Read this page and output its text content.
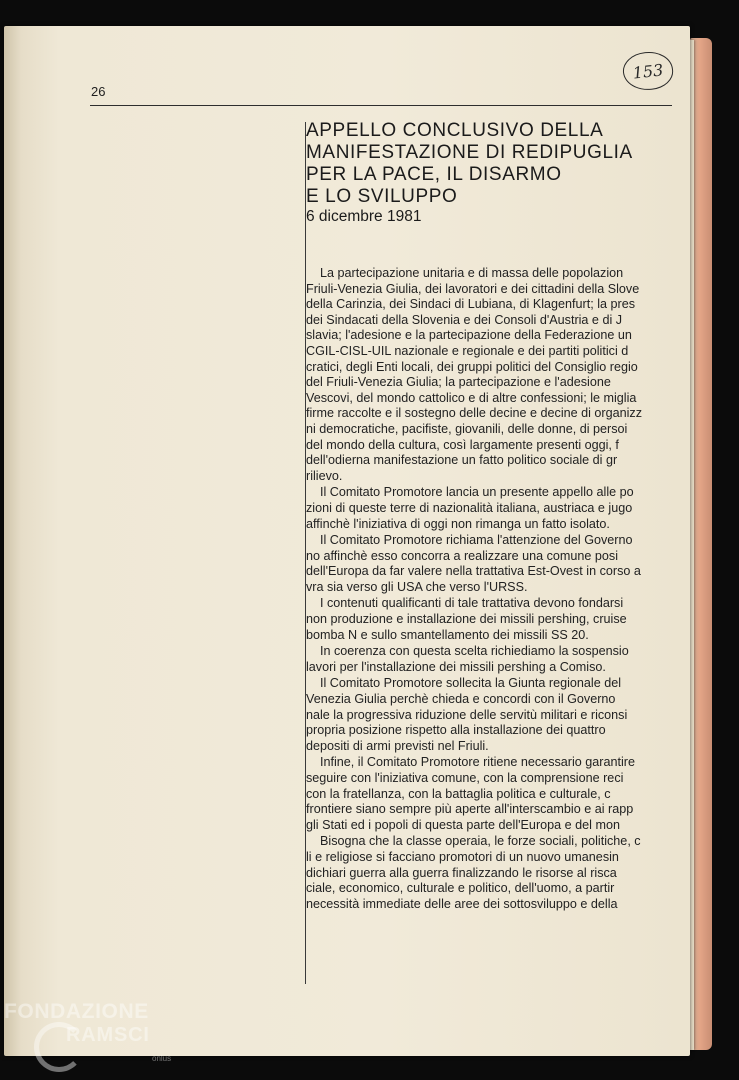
26
153
APPELLO CONCLUSIVO DELLA
MANIFESTAZIONE DI REDIPUGLIA
PER LA PACE, IL DISARMO
E LO SVILUPPO
6 dicembre 1981

La partecipazione unitaria e di massa delle popolazion
Friuli-Venezia Giulia, dei lavoratori e dei cittadini della Slove
della Carinzia, dei Sindaci di Lubiana, di Klagenfurt; la pres
dei Sindacati della Slovenia e dei Consoli d'Austria e di J
slavia; l'adesione e la partecipazione della Federazione un
CGIL-CISL-UIL nazionale e regionale e dei partiti politici d
cratici, degli Enti locali, dei gruppi politici del Consiglio regio
del Friuli-Venezia Giulia; la partecipazione e l'adesione
Vescovi, del mondo cattolico e di altre confessioni; le miglia
firme raccolte e il sostegno delle decine e decine di organizz
ni democratiche, pacifiste, giovanili, delle donne, di persoi
del mondo della cultura, così largamente presenti oggi, f
dell'odierna manifestazione un fatto politico sociale di gr
rilievo.

Il Comitato Promotore lancia un presente appello alle po
zioni di queste terre di nazionalità italiana, austriaca e jugo
affinchè l'iniziativa di oggi non rimanga un fatto isolato.

Il Comitato Promotore richiama l'attenzione del Governo
no affinchè esso concorra a realizzare una comune posi
dell'Europa da far valere nella trattativa Est-Ovest in corso a
vra sia verso gli USA che verso l'URSS.

I contenuti qualificanti di tale trattativa devono fondarsi
non produzione e installazione dei missili pershing, cruise
bomba N e sullo smantellamento dei missili SS 20.

In coerenza con questa scelta richiediamo la sospensio
lavori per l'installazione dei missili pershing a Comiso.

Il Comitato Promotore sollecita la Giunta regionale del
Venezia Giulia perchè chieda e concordi con il Governo
nale la progressiva riduzione delle servitù militari e riconsi
propria posizione rispetto alla installazione dei quattro
depositi di armi previsti nel Friuli.

Infine, il Comitato Promotore ritiene necessario garantire
seguire con l'iniziativa comune, con la comprensione reci
con la fratellanza, con la battaglia politica e culturale, c
frontiere siano sempre più aperte all'interscambio e ai rapp
gli Stati ed i popoli di questa parte dell'Europa e del mon

Bisogna che la classe operaia, le forze sociali, politiche, c
li e religiose si facciano promotori di un nuovo umanesin
dichiari guerra alla guerra finalizzando le risorse al risca
ciale, economico, culturale e politico, dell'uomo, a partir
necessità immediate delle aree dei sottosviluppo e della

FONDAZIONE
RAMSCI
onlus
